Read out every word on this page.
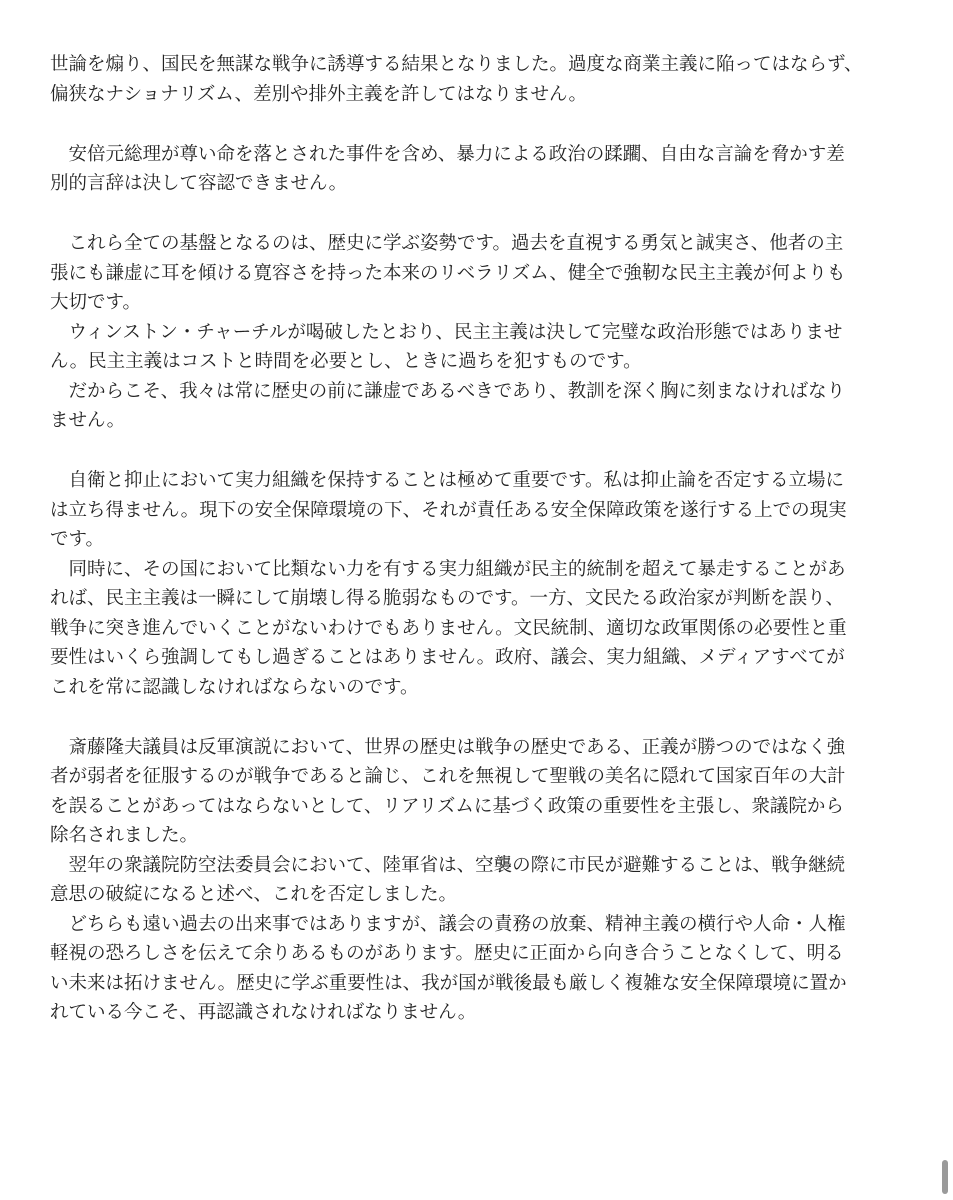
世論を煽り、国民を無謀な戦争に誘導する結果となりました。過度な商業主義に陥ってはならず、
偏狭なナショナリズム、差別や排外主義を許してはなりません。
　安倍元総理が尊い命を落とされた事件を含め、暴力による政治の蹂躙、自由な言論を脅かす差
別的言辞は決して容認できません。
　これら全ての基盤となるのは、歴史に学ぶ姿勢です。過去を直視する勇気と誠実さ、他者の主
張にも謙虚に耳を傾ける寛容さを持った本来のリベラリズム、健全で強靭な民主主義が何よりも
大切です。
　ウィンストン・チャーチルが喝破したとおり、民主主義は決して完璧な政治形態ではありませ
ん。民主主義はコストと時間を必要とし、ときに過ちを犯すものです。
　だからこそ、我々は常に歴史の前に謙虚であるべきであり、教訓を深く胸に刻まなければなり
ません。
　自衛と抑止において実力組織を保持することは極めて重要です。私は抑止論を否定する立場に
は立ち得ません。現下の安全保障環境の下、それが責任ある安全保障政策を遂行する上での現実
です。
　同時に、その国において比類ない力を有する実力組織が民主的統制を超えて暴走することがあ
れば、民主主義は一瞬にして崩壊し得る脆弱なものです。一方、文民たる政治家が判断を誤り、
戦争に突き進んでいくことがないわけでもありません。文民統制、適切な政軍関係の必要性と重
要性はいくら強調してもし過ぎることはありません。政府、議会、実力組織、メディアすべてが
これを常に認識しなければならないのです。
　斎藤隆夫議員は反軍演説において、世界の歴史は戦争の歴史である、正義が勝つのではなく強
者が弱者を征服するのが戦争であると論じ、これを無視して聖戦の美名に隠れて国家百年の大計
を誤ることがあってはならないとして、リアリズムに基づく政策の重要性を主張し、衆議院から
除名されました。
　翌年の衆議院防空法委員会において、陸軍省は、空襲の際に市民が避難することは、戦争継続
意思の破綻になると述べ、これを否定しました。
　どちらも遠い過去の出来事ではありますが、議会の責務の放棄、精神主義の横行や人命・人権
軽視の恐ろしさを伝えて余りあるものがあります。歴史に正面から向き合うことなくして、明る
い未来は拓けません。歴史に学ぶ重要性は、我が国が戦後最も厳しく複雑な安全保障環境に置か
れている今こそ、再認識されなければなりません。
